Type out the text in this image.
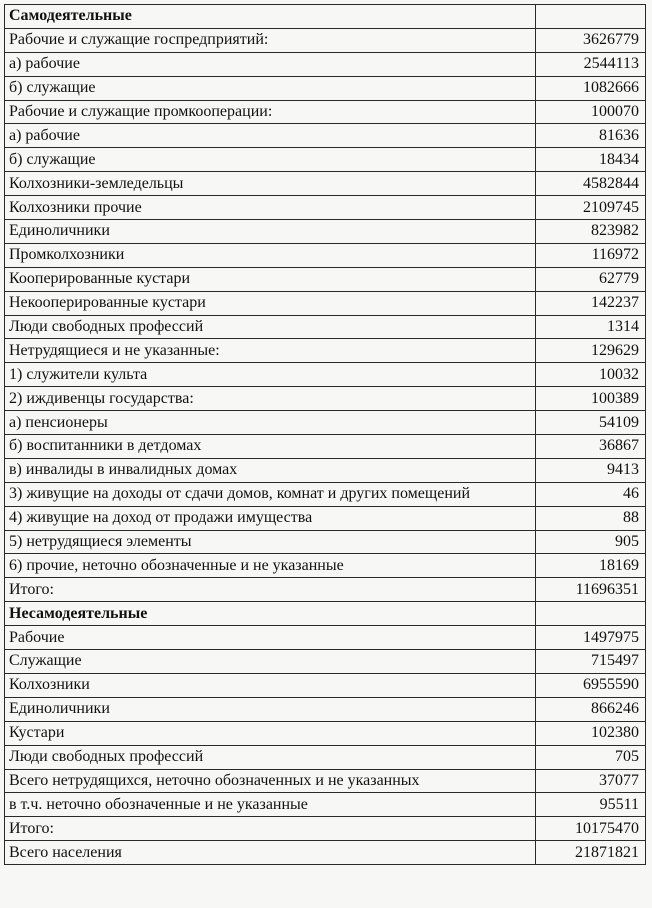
Самодеятельные	
Рабочие и служащие госпредприятий:	3626779
а) рабочие	2544113
б) служащие	1082666
Рабочие и служащие промкооперации:	100070
а) рабочие	81636
б) служащие	18434
Колхозники-земледельцы	4582844
Колхозники прочие	2109745
Единоличники	823982
Промколхозники	116972
Кооперированные кустари	62779
Некооперированные кустари	142237
Люди свободных профессий	1314
Нетрудящиеся и не указанные:	129629
1) служители культа	10032
2) иждивенцы государства:	100389
а) пенсионеры	54109
б) воспитанники в детдомах	36867
в) инвалиды в инвалидных домах	9413
3) живущие на доходы от сдачи домов, комнат и других помещений	46
4) живущие на доход от продажи имущества	88
5) нетрудящиеся элементы	905
6) прочие, неточно обозначенные и не указанные	18169
Итого:	11696351
Несамодеятельные	
Рабочие	1497975
Служащие	715497
Колхозники	6955590
Единоличники	866246
Кустари	102380
Люди свободных профессий	705
Всего нетрудящихся, неточно обозначенных и не указанных	37077
в т.ч. неточно обозначенные и не указанные	95511
Итого:	10175470
Всего населения	21871821
